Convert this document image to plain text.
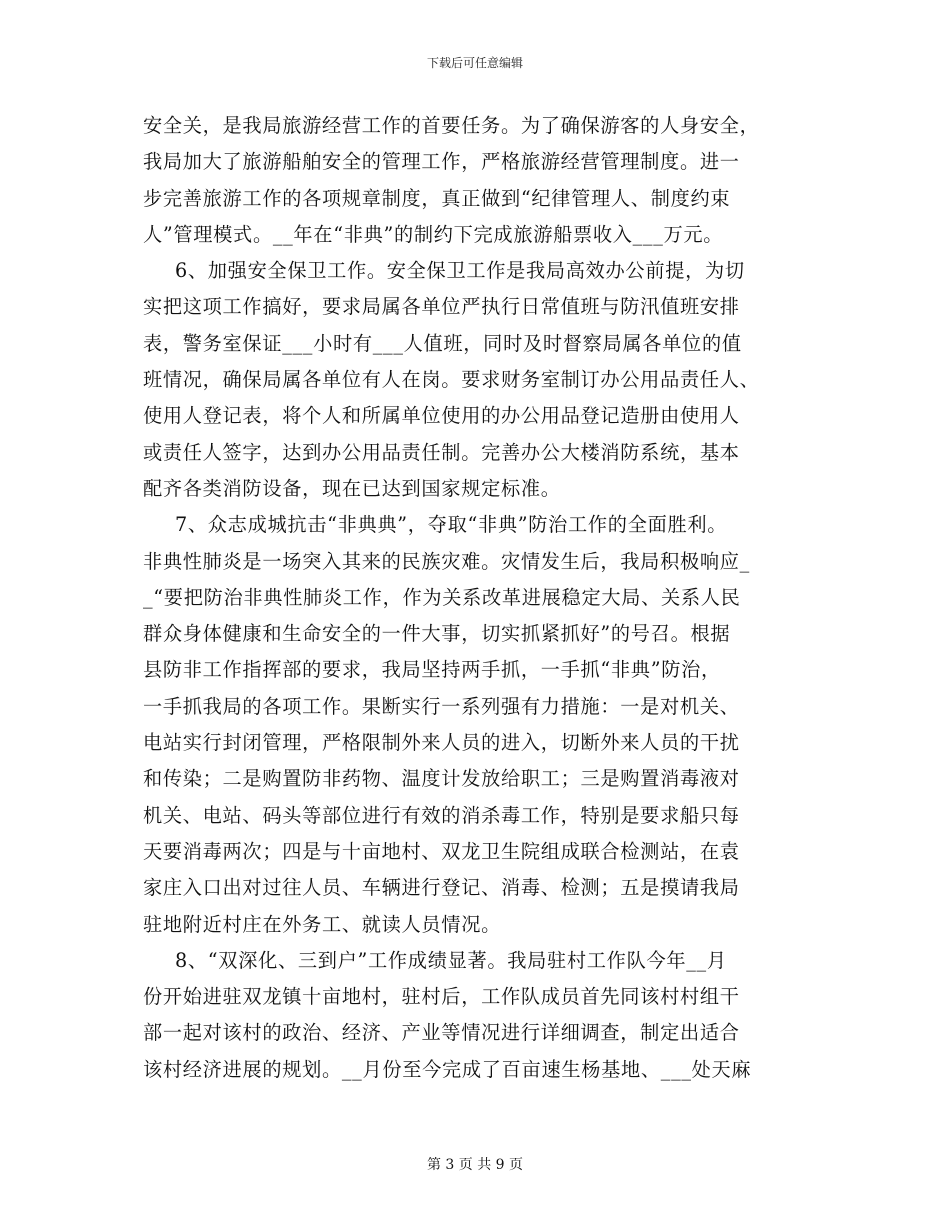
下载后可任意编辑
安全关，是我局旅游经营工作的首要任务。为了确保游客的人身安全，
我局加大了旅游船舶安全的管理工作，严格旅游经营管理制度。进一
步完善旅游工作的各项规章制度，真正做到“纪律管理人、制度约束
人”管理模式。__年在“非典”的制约下完成旅游船票收入___万元。
6、加强安全保卫工作。安全保卫工作是我局高效办公前提，为切
实把这项工作搞好，要求局属各单位严执行日常值班与防汛值班安排
表，警务室保证___小时有___人值班，同时及时督察局属各单位的值
班情况，确保局属各单位有人在岗。要求财务室制订办公用品责任人、
使用人登记表，将个人和所属单位使用的办公用品登记造册由使用人
或责任人签字，达到办公用品责任制。完善办公大楼消防系统，基本
配齐各类消防设备，现在已达到国家规定标准。
7、众志成城抗击“非典典”，夺取“非典”防治工作的全面胜利。
非典性肺炎是一场突入其来的民族灾难。灾情发生后，我局积极响应_
_“要把防治非典性肺炎工作，作为关系改革进展稳定大局、关系人民
群众身体健康和生命安全的一件大事，切实抓紧抓好”的号召。根据
县防非工作指挥部的要求，我局坚持两手抓，一手抓“非典”防治，
一手抓我局的各项工作。果断实行一系列强有力措施：一是对机关、
电站实行封闭管理，严格限制外来人员的进入，切断外来人员的干扰
和传染；二是购置防非药物、温度计发放给职工；三是购置消毒液对
机关、电站、码头等部位进行有效的消杀毒工作，特别是要求船只每
天要消毒两次；四是与十亩地村、双龙卫生院组成联合检测站，在袁
家庄入口出对过往人员、车辆进行登记、消毒、检测；五是摸请我局
驻地附近村庄在外务工、就读人员情况。
8、“双深化、三到户”工作成绩显著。我局驻村工作队今年__月
份开始进驻双龙镇十亩地村，驻村后，工作队成员首先同该村村组干
部一起对该村的政治、经济、产业等情况进行详细调查，制定出适合
该村经济进展的规划。__月份至今完成了百亩速生杨基地、___处天麻
第 3 页 共 9 页
